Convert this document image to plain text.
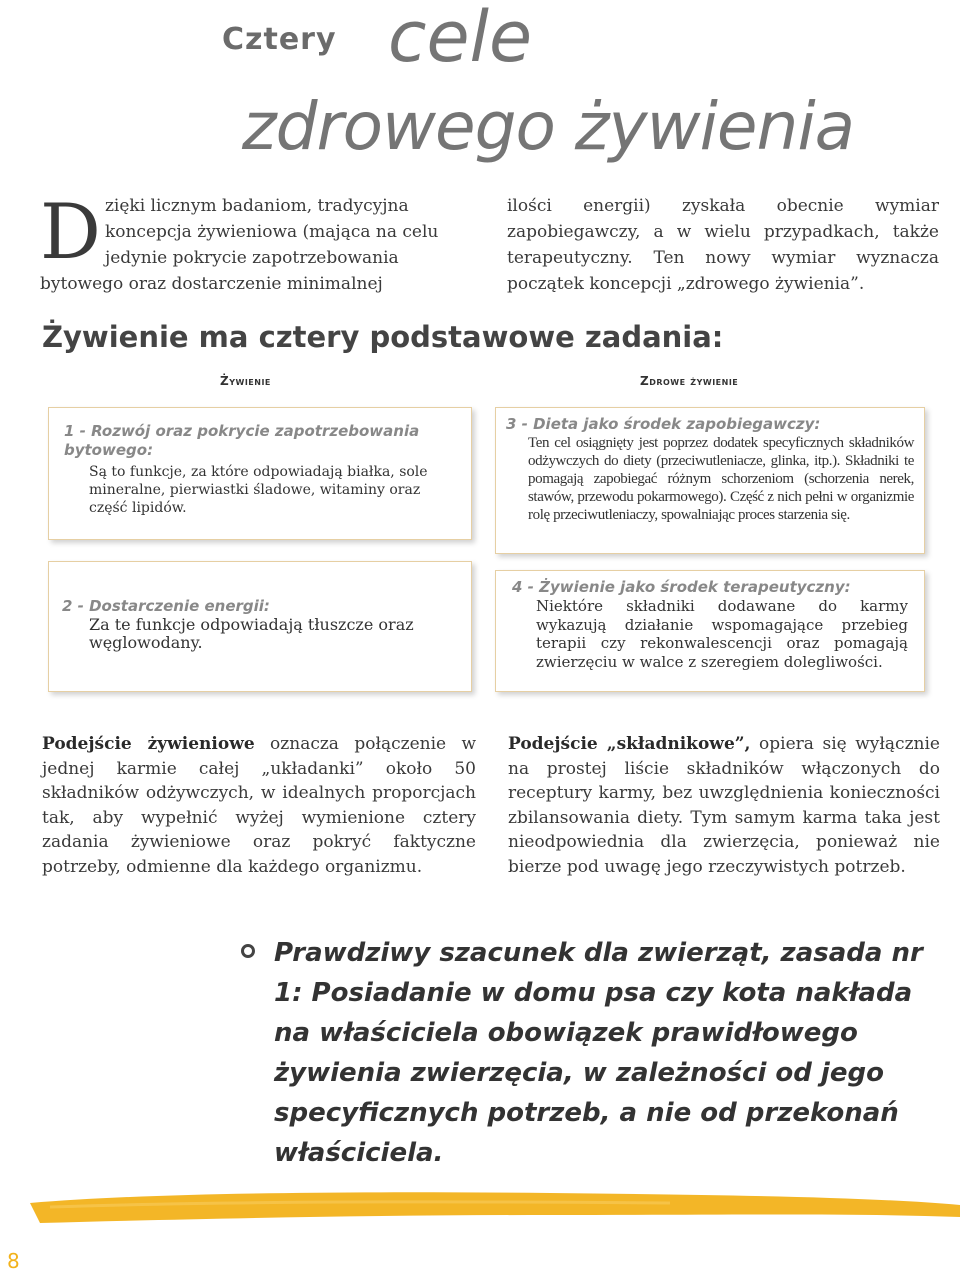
Cztery cele
zdrowego żywienia
Dzięki licznym badaniom, tradycyjna koncepcja żywieniowa (mająca na celu jedynie pokrycie zapotrzebowania bytowego oraz dostarczenie minimalnej
ilości energii) zyskała obecnie wymiar zapobiegawczy, a w wielu przypadkach, także terapeutyczny. Ten nowy wymiar wyznacza początek koncepcji „zdrowego żywienia”.
Żywienie ma cztery podstawowe zadania:
Żywienie	Zdrowe żywienie
1 - Rozwój oraz pokrycie zapotrzebowania bytowego:
Są to funkcje, za które odpowiadają białka, sole mineralne, pierwiastki śladowe, witaminy oraz część lipidów.
2 - Dostarczenie energii:
Za te funkcje odpowiadają tłuszcze oraz węglowodany.
3 - Dieta jako środek zapobiegawczy:
Ten cel osiągnięty jest poprzez dodatek specyficznych składników odżywczych do diety (przeciwutleniacze, glinka, itp.). Składniki te pomagają zapobiegać różnym schorzeniom (schorzenia nerek, stawów, przewodu pokarmowego). Część z nich pełni w organizmie rolę przeciwutleniaczy, spowalniając proces starzenia się.
4 - Żywienie jako środek terapeutyczny:
Niektóre składniki dodawane do karmy wykazują działanie wspomagające przebieg terapii czy rekonwalescencji oraz pomagają zwierzęciu w walce z szeregiem dolegliwości.
Podejście żywieniowe oznacza połączenie w jednej karmie całej „układanki” około 50 składników odżywczych, w idealnych proporcjach tak, aby wypełnić wyżej wymienione cztery zadania żywieniowe oraz pokryć faktyczne potrzeby, odmienne dla każdego organizmu.
Podejście „składnikowe”, opiera się wyłącznie na prostej liście składników włączonych do receptury karmy, bez uwzględnienia konieczności zbilansowania diety. Tym samym karma taka jest nieodpowiednia dla zwierzęcia, ponieważ nie bierze pod uwagę jego rzeczywistych potrzeb.
Prawdziwy szacunek dla zwierząt, zasada nr 1: Posiadanie w domu psa czy kota nakłada na właściciela obowiązek prawidłowego żywienia zwierzęcia, w zależności od jego specyficznych potrzeb, a nie od przekonań właściciela.
8
